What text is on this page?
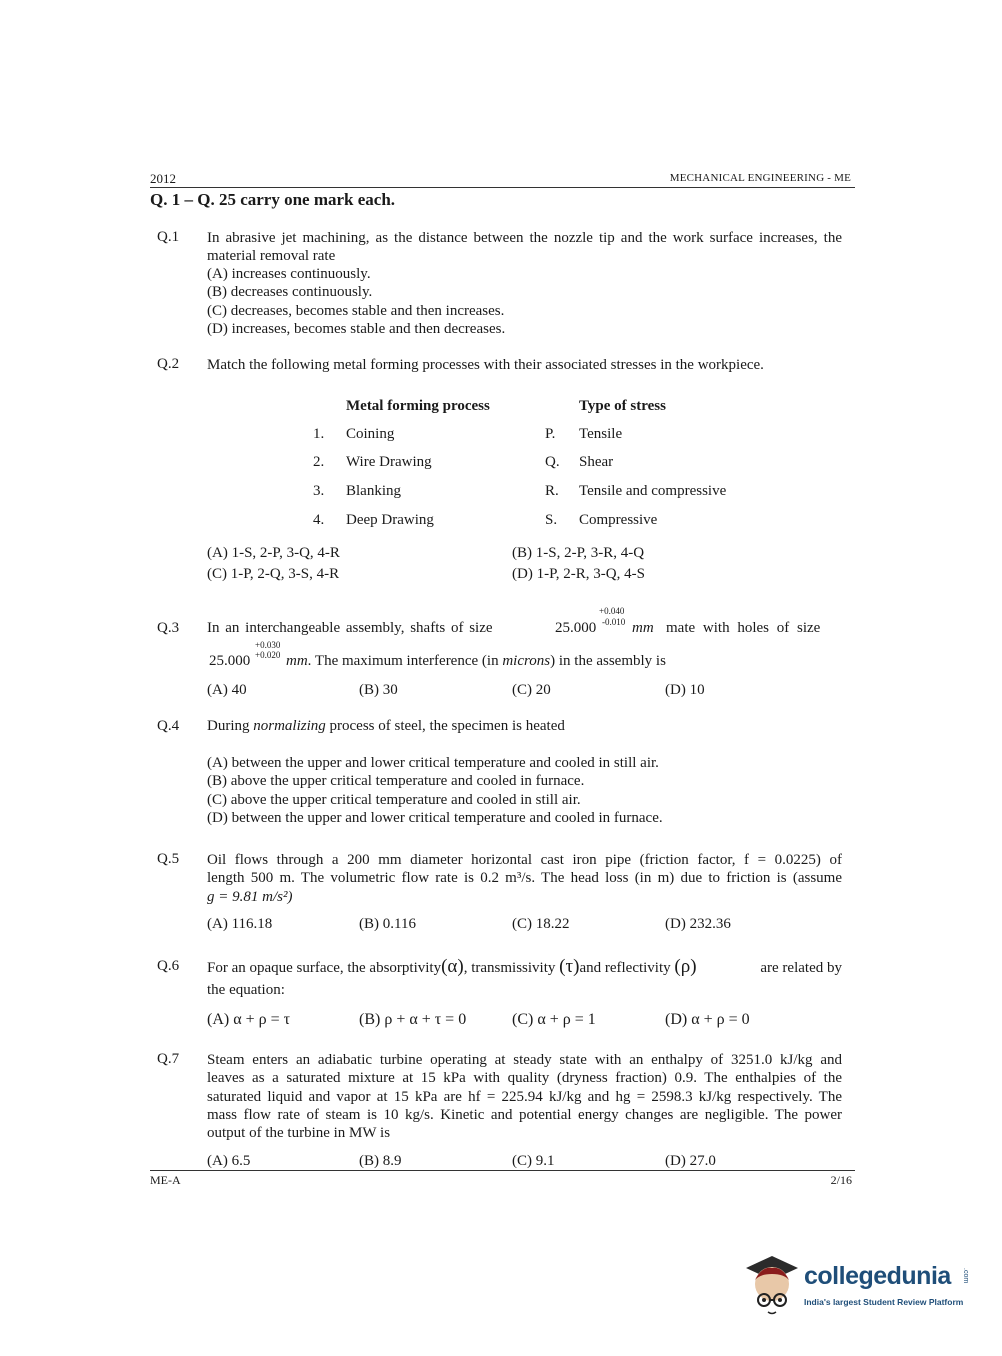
2012	MECHANICAL ENGINEERING - ME
Q. 1 – Q. 25 carry one mark each.
Q.1 In abrasive jet machining, as the distance between the nozzle tip and the work surface increases, the material removal rate
(A) increases continuously.
(B) decreases continuously.
(C) decreases, becomes stable and then increases.
(D) increases, becomes stable and then decreases.
Q.2 Match the following metal forming processes with their associated stresses in the workpiece.
Metal forming process	Type of stress
1. Coining	P. Tensile
2. Wire Drawing	Q. Shear
3. Blanking	R. Tensile and compressive
4. Deep Drawing	S. Compressive
(A) 1-S, 2-P, 3-Q, 4-R	(B) 1-S, 2-P, 3-R, 4-Q
(C) 1-P, 2-Q, 3-S, 4-R	(D) 1-P, 2-R, 3-Q, 4-S
Q.3 In an interchangeable assembly, shafts of size	25.000
+0.040
-0.010 mm mate with holes of size
25.000
+0.030
+0.020 mm. The maximum interference (in microns) in the assembly is
(A) 40	(B) 30	(C) 20	(D) 10
Q.4 During normalizing process of steel, the specimen is heated
(A) between the upper and lower critical temperature and cooled in still air.
(B) above the upper critical temperature and cooled in furnace.
(C) above the upper critical temperature and cooled in still air.
(D) between the upper and lower critical temperature and cooled in furnace.
Q.5 Oil flows through a 200 mm diameter horizontal cast iron pipe (friction factor, f = 0.0225) of
length 500 m. The volumetric flow rate is 0.2 m³/s. The head loss (in m) due to friction is (assume
g = 9.81 m/s²)
(A) 116.18	(B) 0.116	(C) 18.22	(D) 232.36
Q.6 For an opaque surface, the absorptivity(α), transmissivity (τ)and reflectivity (ρ)	are related by
the equation:
(A) α + ρ = τ	(B) ρ + α + τ = 0	(C) α + ρ = 1	(D) α + ρ = 0
Q.7 Steam enters an adiabatic turbine operating at steady state with an enthalpy of 3251.0 kJ/kg and
leaves as a saturated mixture at 15 kPa with quality (dryness fraction) 0.9. The enthalpies of the
saturated liquid and vapor at 15 kPa are hf = 225.94 kJ/kg and hg = 2598.3 kJ/kg respectively. The
mass flow rate of steam is 10 kg/s. Kinetic and potential energy changes are negligible. The power
output of the turbine in MW is
(A) 6.5	(B) 8.9	(C) 9.1	(D) 27.0
ME-A	2/16
collegedunia .com
India's largest Student Review Platform
